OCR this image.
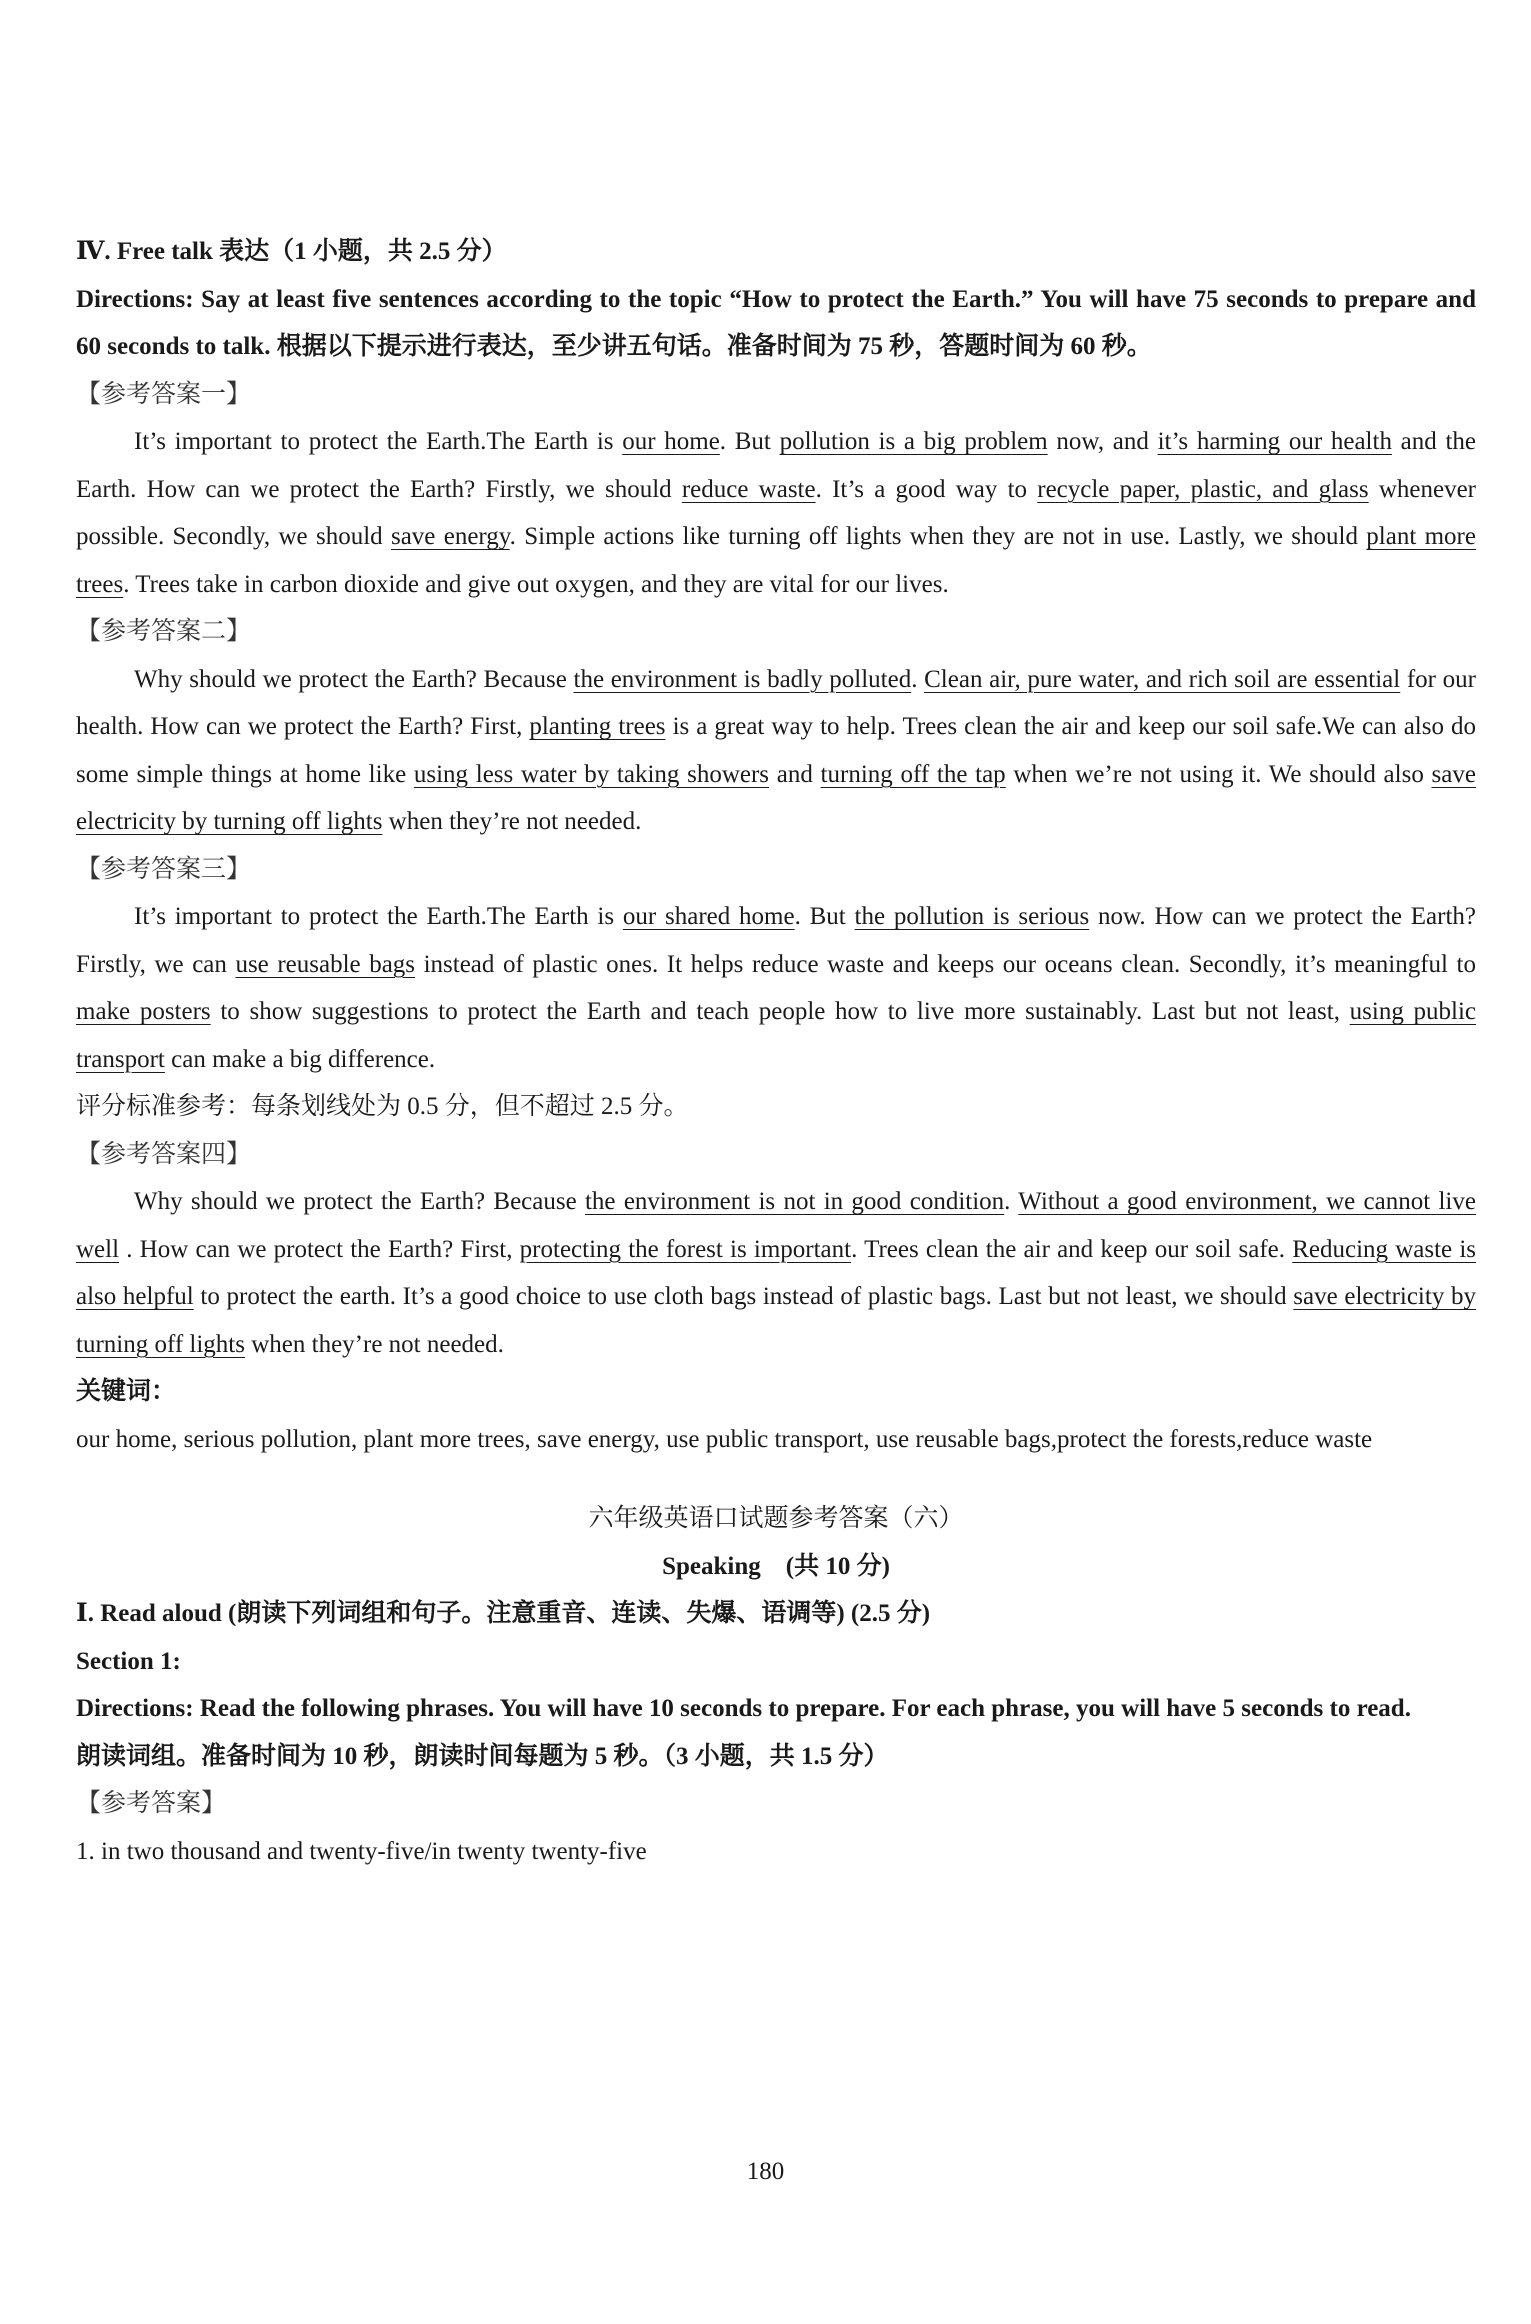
Ⅳ. Free talk 表达（1 小题，共 2.5 分）

Directions: Say at least five sentences according to the topic “How to protect the Earth.” You will have 75 seconds to prepare and 60 seconds to talk. 根据以下提示进行表达，至少讲五句话。准备时间为 75 秒，答题时间为 60 秒。

【参考答案一】

It’s important to protect the Earth.The Earth is our home. But pollution is a big problem now, and it’s harming our health and the Earth. How can we protect the Earth? Firstly, we should reduce waste. It’s a good way to recycle paper, plastic, and glass whenever possible. Secondly, we should save energy. Simple actions like turning off lights when they are not in use. Lastly, we should plant more trees. Trees take in carbon dioxide and give out oxygen, and they are vital for our lives.

【参考答案二】

Why should we protect the Earth? Because the environment is badly polluted. Clean air, pure water, and rich soil are essential for our health. How can we protect the Earth? First, planting trees is a great way to help. Trees clean the air and keep our soil safe.We can also do some simple things at home like using less water by taking showers and turning off the tap when we’re not using it. We should also save electricity by turning off lights when they’re not needed.

【参考答案三】

It’s important to protect the Earth.The Earth is our shared home. But the pollution is serious now. How can we protect the Earth? Firstly, we can use reusable bags instead of plastic ones. It helps reduce waste and keeps our oceans clean. Secondly, it’s meaningful to make posters to show suggestions to protect the Earth and teach people how to live more sustainably. Last but not least, using public transport can make a big difference.

评分标准参考：每条划线处为 0.5 分，但不超过 2.5 分。
【参考答案四】

Why should we protect the Earth? Because the environment is not in good condition. Without a good environment, we cannot live well . How can we protect the Earth? First, protecting the forest is important. Trees clean the air and keep our soil safe. Reducing waste is also helpful to protect the earth. It’s a good choice to use cloth bags instead of plastic bags. Last but not least, we should save electricity by turning off lights when they’re not needed.

关键词：

our home, serious pollution, plant more trees, save energy, use public transport, use reusable bags,protect the forests,reduce waste

六年级英语口试题参考答案（六）
Speaking　(共 10 分)
Ⅰ. Read aloud (朗读下列词组和句子。注意重音、连读、失爆、语调等) (2.5 分)
Section 1:

Directions: Read the following phrases. You will have 10 seconds to prepare. For each phrase, you will have 5 seconds to read.

朗读词组。准备时间为 10 秒，朗读时间每题为 5 秒。（3 小题，共 1.5 分）
【参考答案】
1. in two thousand and twenty-five/in twenty twenty-five
180
